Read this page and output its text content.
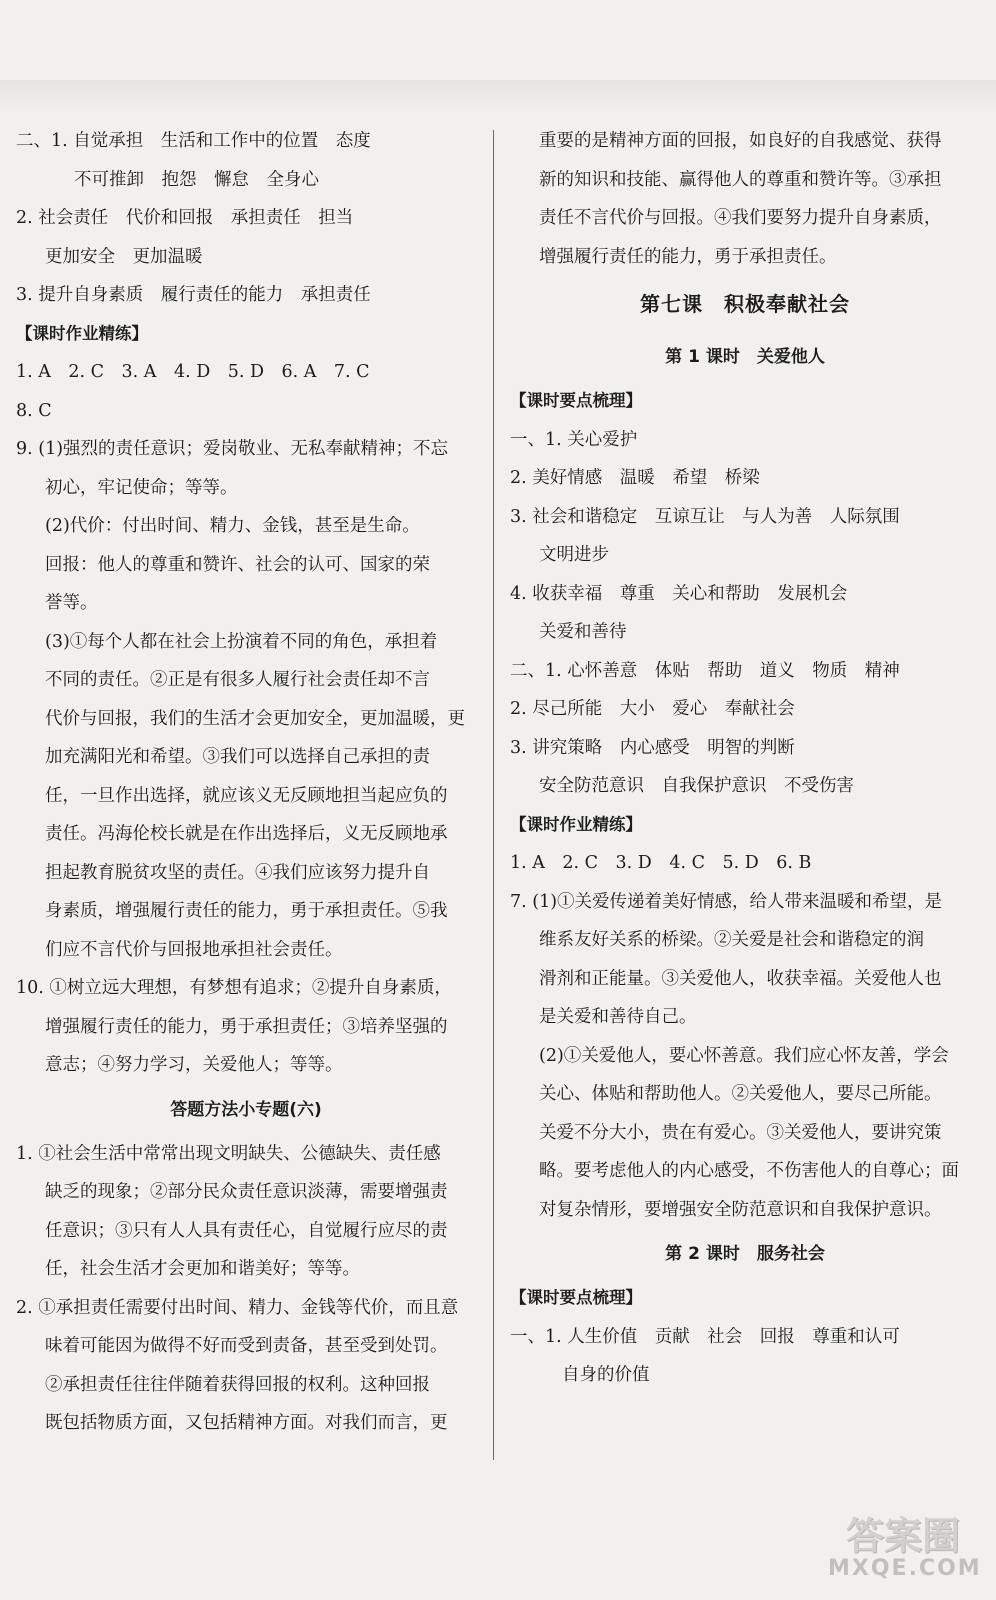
二、1. 自觉承担　生活和工作中的位置　态度
不可推卸　抱怨　懈怠　全身心
2. 社会责任　代价和回报　承担责任　担当
更加安全　更加温暖
3. 提升自身素质　履行责任的能力　承担责任
【课时作业精练】
1. A　2. C　3. A　4. D　5. D　6. A　7. C
8. C
9. (1)强烈的责任意识；爱岗敬业、无私奉献精神；不忘
初心，牢记使命；等等。
(2)代价：付出时间、精力、金钱，甚至是生命。
回报：他人的尊重和赞许、社会的认可、国家的荣
誉等。
(3)①每个人都在社会上扮演着不同的角色，承担着
不同的责任。②正是有很多人履行社会责任却不言
代价与回报，我们的生活才会更加安全，更加温暖，更
加充满阳光和希望。③我们可以选择自己承担的责
任，一旦作出选择，就应该义无反顾地担当起应负的
责任。冯海伦校长就是在作出选择后，义无反顾地承
担起教育脱贫攻坚的责任。④我们应该努力提升自
身素质，增强履行责任的能力，勇于承担责任。⑤我
们应不言代价与回报地承担社会责任。
10. ①树立远大理想，有梦想有追求；②提升自身素质，
增强履行责任的能力，勇于承担责任；③培养坚强的
意志；④努力学习，关爱他人；等等。
答题方法小专题(六)
1. ①社会生活中常常出现文明缺失、公德缺失、责任感
缺乏的现象；②部分民众责任意识淡薄，需要增强责
任意识；③只有人人具有责任心，自觉履行应尽的责
任，社会生活才会更加和谐美好；等等。
2. ①承担责任需要付出时间、精力、金钱等代价，而且意
味着可能因为做得不好而受到责备，甚至受到处罚。
②承担责任往往伴随着获得回报的权利。这种回报
既包括物质方面，又包括精神方面。对我们而言，更
重要的是精神方面的回报，如良好的自我感觉、获得
新的知识和技能、赢得他人的尊重和赞许等。③承担
责任不言代价与回报。④我们要努力提升自身素质，
增强履行责任的能力，勇于承担责任。
第七课　积极奉献社会
第 1 课时　关爱他人
【课时要点梳理】
一、1. 关心爱护
2. 美好情感　温暖　希望　桥梁
3. 社会和谐稳定　互谅互让　与人为善　人际氛围
文明进步
4. 收获幸福　尊重　关心和帮助　发展机会
关爱和善待
二、1. 心怀善意　体贴　帮助　道义　物质　精神
2. 尽己所能　大小　爱心　奉献社会
3. 讲究策略　内心感受　明智的判断
安全防范意识　自我保护意识　不受伤害
【课时作业精练】
1. A　2. C　3. D　4. C　5. D　6. B
7. (1)①关爱传递着美好情感，给人带来温暖和希望，是
维系友好关系的桥梁。②关爱是社会和谐稳定的润
滑剂和正能量。③关爱他人，收获幸福。关爱他人也
是关爱和善待自己。
(2)①关爱他人，要心怀善意。我们应心怀友善，学会
关心、体贴和帮助他人。②关爱他人，要尽己所能。
关爱不分大小，贵在有爱心。③关爱他人，要讲究策
略。要考虑他人的内心感受，不伤害他人的自尊心；面
对复杂情形，要增强安全防范意识和自我保护意识。
第 2 课时　服务社会
【课时要点梳理】
一、1. 人生价值　贡献　社会　回报　尊重和认可
自身的价值
答案圈
MXQE.COM
